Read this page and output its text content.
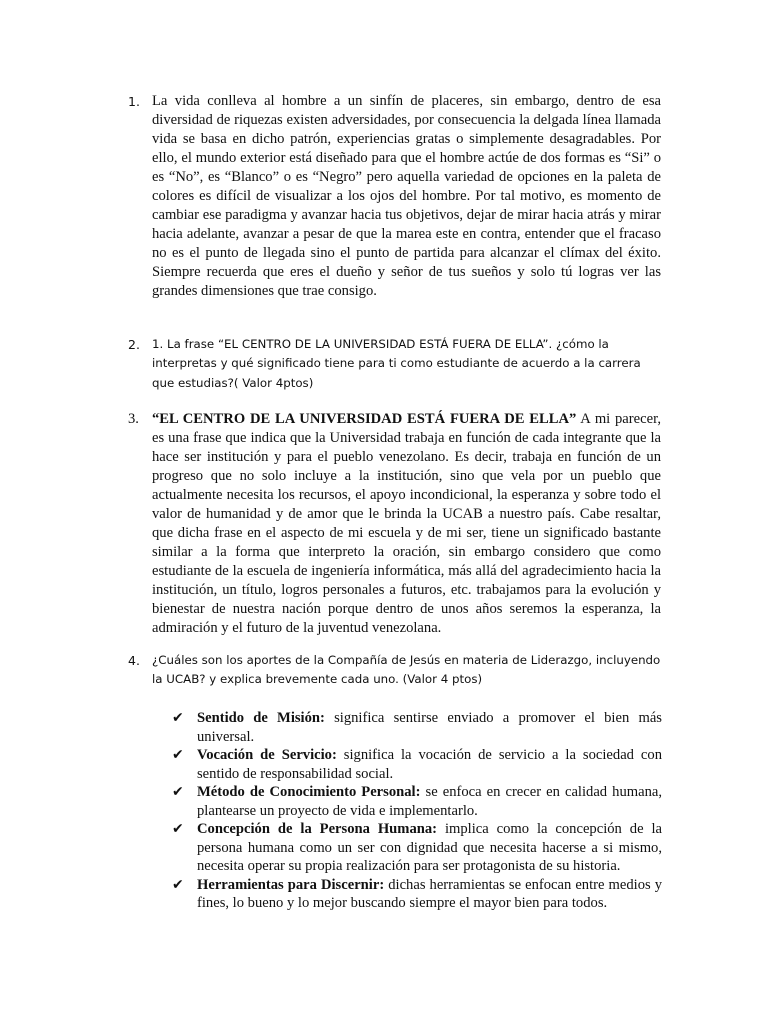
1. La vida conlleva al hombre a un sinfín de placeres, sin embargo, dentro de esa diversidad de riquezas existen adversidades, por consecuencia la delgada línea llamada vida se basa en dicho patrón, experiencias gratas o simplemente desagradables. Por ello, el mundo exterior está diseñado para que el hombre actúe de dos formas es “Si” o es “No”, es “Blanco” o es “Negro” pero aquella variedad de opciones en la paleta de colores es difícil de visualizar a los ojos del hombre. Por tal motivo, es momento de cambiar ese paradigma y avanzar hacia tus objetivos, dejar de mirar hacia atrás y mirar hacia adelante, avanzar a pesar de que la marea este en contra, entender que el fracaso no es el punto de llegada sino el punto de partida para alcanzar el clímax del éxito. Siempre recuerda que eres el dueño y señor de tus sueños y solo tú logras ver las grandes dimensiones que trae consigo.
2.	1. La frase “EL CENTRO DE LA UNIVERSIDAD ESTÁ FUERA DE ELLA”. ¿cómo la interpretas y qué significado tiene para ti como estudiante de acuerdo a la carrera que estudias?( Valor 4ptos)
3. “EL CENTRO DE LA UNIVERSIDAD ESTÁ FUERA DE ELLA” A mi parecer, es una frase que indica que la Universidad trabaja en función de cada integrante que la hace ser institución y para el pueblo venezolano. Es decir, trabaja en función de un progreso que no solo incluye a la institución, sino que vela por un pueblo que actualmente necesita los recursos, el apoyo incondicional, la esperanza y sobre todo el valor de humanidad y de amor que le brinda la UCAB a nuestro país. Cabe resaltar, que dicha frase en el aspecto de mi escuela y de mi ser, tiene un significado bastante similar a la forma que interpreto la oración, sin embargo considero que como estudiante de la escuela de ingeniería informática, más allá del agradecimiento hacia la institución, un título, logros personales a futuros, etc. trabajamos para la evolución y bienestar de nuestra nación porque dentro de unos años seremos la esperanza, la admiración y el futuro de la juventud venezolana.
4.	¿Cuáles son los aportes de la Compañía de Jesús en materia de Liderazgo, incluyendo la UCAB? y explica brevemente cada uno. (Valor 4 ptos)
✔ Sentido de Misión: significa sentirse enviado a promover el bien más universal.
✔ Vocación de Servicio: significa la vocación de servicio a la sociedad con sentido de responsabilidad social.
✔ Método de Conocimiento Personal: se enfoca en crecer en calidad humana, plantearse un proyecto de vida e implementarlo.
✔ Concepción de la Persona Humana: implica como la concepción de la persona humana como un ser con dignidad que necesita hacerse a si mismo, necesita operar su propia realización para ser protagonista de su historia.
✔ Herramientas para Discernir: dichas herramientas se enfocan entre medios y fines, lo bueno y lo mejor buscando siempre el mayor bien para todos.
